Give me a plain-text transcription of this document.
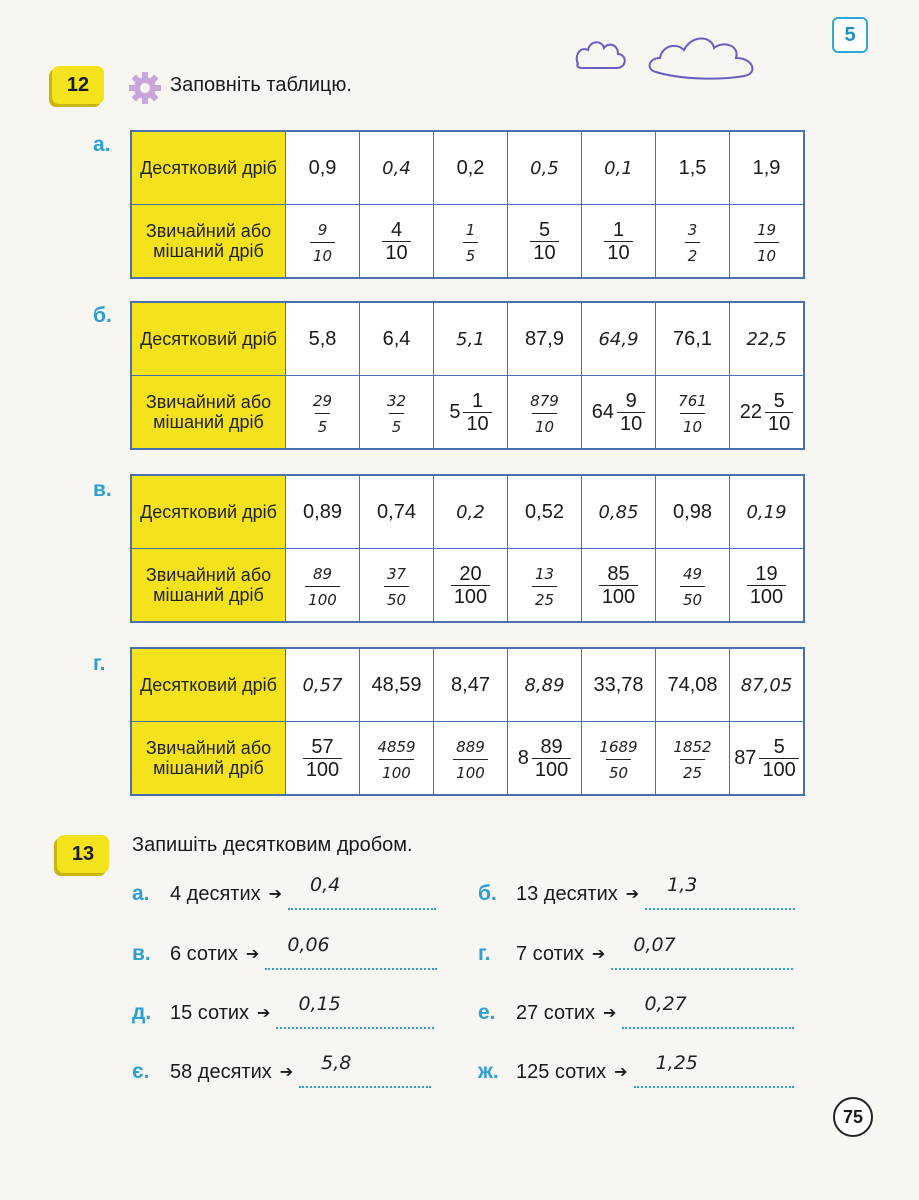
5
12	Заповніть таблицю.
а.
Десятковий дріб	0,9	0,4	0,2	0,5	0,1	1,5	1,9
Звичайний або мішаний дріб	$\frac{9}{10}$	$\frac{4}{10}$	$\frac{1}{5}$	$\frac{5}{10}$	$\frac{1}{10}$	$\frac{3}{2}$	$\frac{19}{10}$
б.
Десятковий дріб	5,8	6,4	5,1	87,9	64,9	76,1	22,5
Звичайний або мішаний дріб	$\frac{29}{5}$	$\frac{32}{5}$	$5 \frac{1}{10}$	$\frac{879}{10}$	$64 \frac{9}{10}$	$\frac{761}{10}$	$22 \frac{5}{10}$
в.
Десятковий дріб	0,89	0,74	0,2	0,52	0,85	0,98	0,19
Звичайний або мішаний дріб	$\frac{89}{100}$	$\frac{37}{50}$	$\frac{20}{100}$	$\frac{13}{25}$	$\frac{85}{100}$	$\frac{49}{50}$	$\frac{19}{100}$
г.
Десятковий дріб	0,57	48,59	8,47	8,89	33,78	74,08	87,05
Звичайний або мішаний дріб	$\frac{57}{100}$	$\frac{4859}{100}$	$\frac{889}{100}$	$8 \frac{89}{100}$	$\frac{1689}{50}$	$\frac{1852}{25}$	$87 \frac{5}{100}$
13	Запишіть десятковим дробом.
а.	4 десятих ➔ 0,4	б. 13 десятих ➔ 1,3
в. 6 сотих ➔ 0,06	г.	7 сотих ➔ 0,07
д. 15 сотих ➔ 0,15	е.	27 сотих ➔ 0,27
є.	58 десятих ➔ 5,8	ж. 125 сотих ➔ 1,25
75
